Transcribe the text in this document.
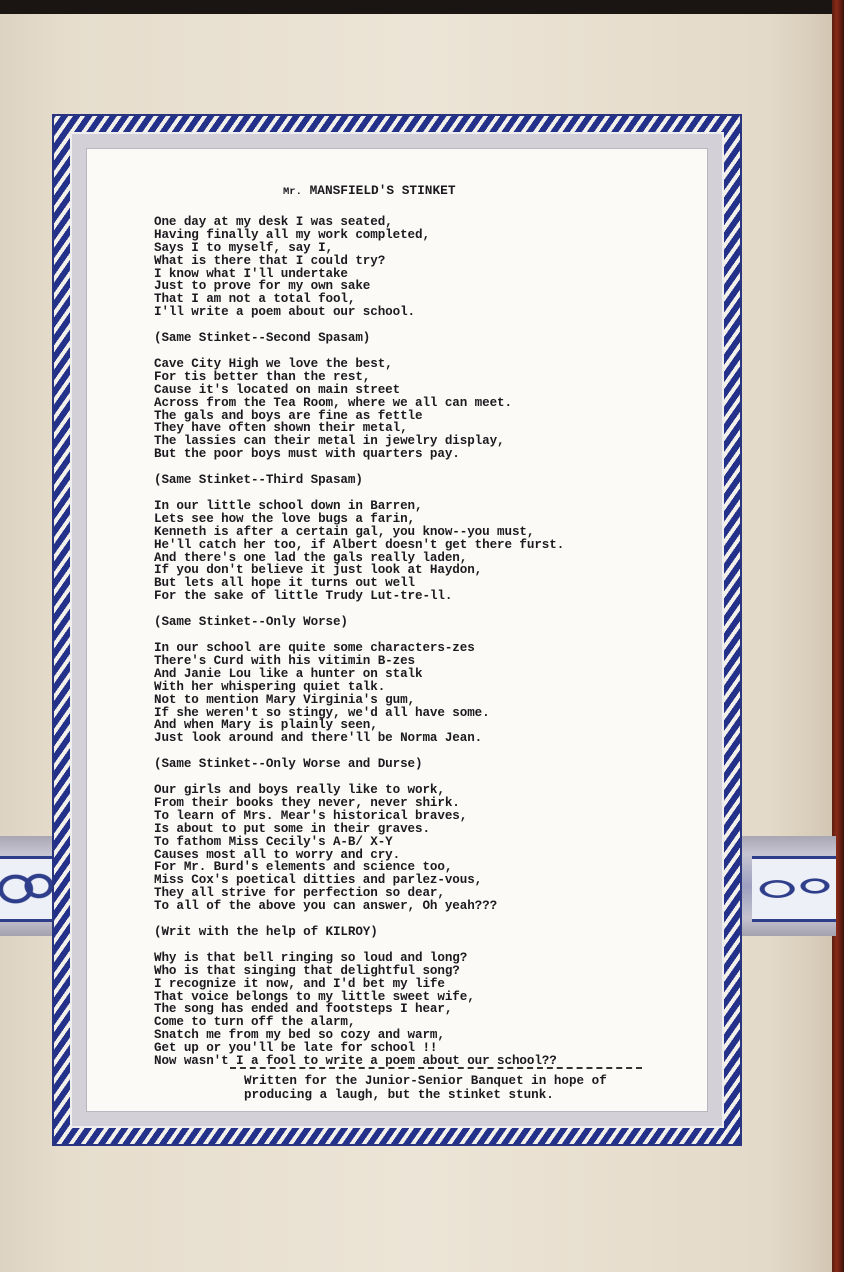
Mr. MANSFIELD'S STINKET
One day at my desk I was seated,
Having finally all my work completed,
Says I to myself, say I,
What is there that I could try?
I know what I'll undertake
Just to prove for my own sake
That I am not a total fool,
I'll write a poem about our school.
(Same Stinket--Second Spasam)
Cave City High we love the best,
For tis better than the rest,
Cause it's located on main street
Across from the Tea Room, where we all can meet.
The gals and boys are fine as fettle
They have often shown their metal,
The lassies can their metal in jewelry display,
But the poor boys must with quarters pay.
(Same Stinket--Third Spasam)
In our little school down in Barren,
Lets see how the love bugs a farin,
Kenneth is after a certain gal, you know--you must,
He'll catch her too, if Albert doesn't get there furst.
And there's one lad the gals really laden,
If you don't believe it just look at Haydon,
But lets all hope it turns out well
For the sake of little Trudy Lut-tre-ll.
(Same Stinket--Only Worse)
In our school are quite some characters-zes
There's Curd with his vitimin B-zes
And Janie Lou like a hunter on stalk
With her whispering quiet talk.
Not to mention Mary Virginia's gum,
If she weren't so stingy, we'd all have some.
And when Mary is plainly seen,
Just look around and there'll be Norma Jean.
(Same Stinket--Only Worse and Durse)
Our girls and boys really like to work,
From their books they never, never shirk.
To learn of Mrs. Mear's historical braves,
Is about to put some in their graves.
To fathom Miss Cecily's A-B/ X-Y
Causes most all to worry and cry.
For Mr. Burd's elements and science too,
Miss Cox's poetical ditties and parlez-vous,
They all strive for perfection so dear,
To all of the above you can answer, Oh yeah???
(Writ with the help of KILROY)
Why is that bell ringing so loud and long?
Who is that singing that delightful song?
I recognize it now, and I'd bet my life
That voice belongs to my little sweet wife,
The song has ended and footsteps I hear,
Come to turn off the alarm,
Snatch me from my bed so cozy and warm,
Get up or you'll be late for school !!
Now wasn't I a fool to write a poem about our school??
Written for the Junior-Senior Banquet in hope of
producing a laugh, but the stinket stunk.
